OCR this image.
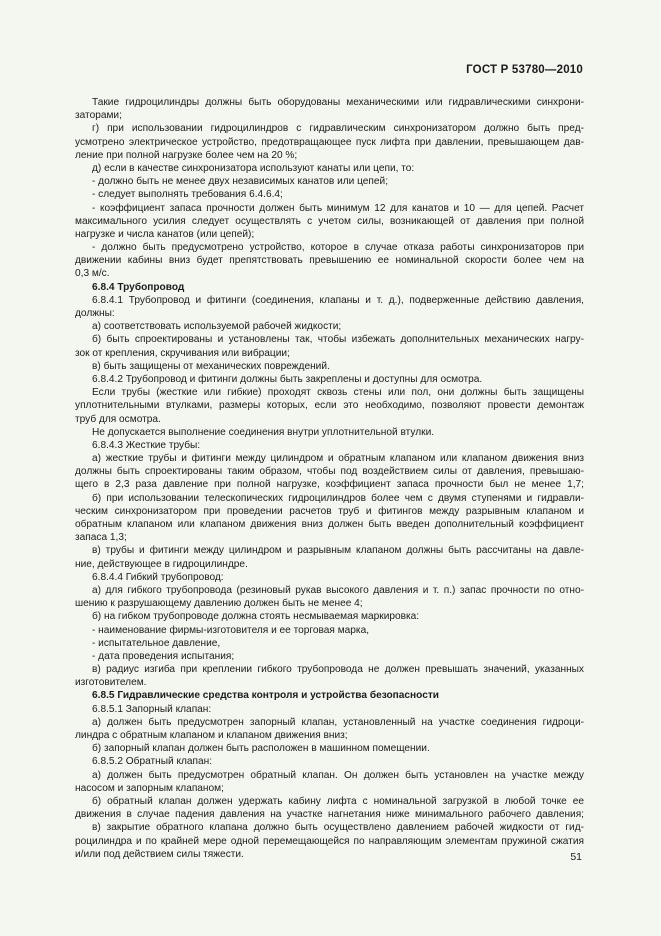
ГОСТ Р 53780—2010
Такие гидроцилиндры должны быть оборудованы механическими или гидравлическими синхрони-
заторами;
г) при использовании гидроцилиндров с гидравлическим синхронизатором должно быть пред-
усмотрено электрическое устройство, предотвращающее пуск лифта при давлении, превышающем дав-
ление при полной нагрузке более чем на 20 %;
д) если в качестве синхронизатора используют канаты или цепи, то:
- должно быть не менее двух независимых канатов или цепей;
- следует выполнять требования 6.4.6.4;
- коэффициент запаса прочности должен быть минимум 12 для канатов и 10 — для цепей. Расчет
максимального усилия следует осуществлять с учетом силы, возникающей от давления при полной
нагрузке и числа канатов (или цепей);
- должно быть предусмотрено устройство, которое в случае отказа работы синхронизаторов при
движении кабины вниз будет препятствовать превышению ее номинальной скорости более чем на
0,3 м/с.
6.8.4 Трубопровод
6.8.4.1 Трубопровод и фитинги (соединения, клапаны и т. д.), подверженные действию давления,
должны:
а) соответствовать используемой рабочей жидкости;
б) быть спроектированы и установлены так, чтобы избежать дополнительных механических нагру-
зок от крепления, скручивания или вибрации;
в) быть защищены от механических повреждений.
6.8.4.2 Трубопровод и фитинги должны быть закреплены и доступны для осмотра.
Если трубы (жесткие или гибкие) проходят сквозь стены или пол, они должны быть защищены
уплотнительными втулками, размеры которых, если это необходимо, позволяют провести демонтаж
труб для осмотра.
Не допускается выполнение соединения внутри уплотнительной втулки.
6.8.4.3 Жесткие трубы:
а) жесткие трубы и фитинги между цилиндром и обратным клапаном или клапаном движения вниз
должны быть спроектированы таким образом, чтобы под воздействием силы от давления, превышаю-
щего в 2,3 раза давление при полной нагрузке, коэффициент запаса прочности был не менее 1,7;
б) при использовании телескопических гидроцилиндров более чем с двумя ступенями и гидравли-
ческим синхронизатором при проведении расчетов труб и фитингов между разрывным клапаном и
обратным клапаном или клапаном движения вниз должен быть введен дополнительный коэффициент
запаса 1,3;
в) трубы и фитинги между цилиндром и разрывным клапаном должны быть рассчитаны на давле-
ние, действующее в гидроцилиндре.
6.8.4.4 Гибкий трубопровод:
а) для гибкого трубопровода (резиновый рукав высокого давления и т. п.) запас прочности по отно-
шению к разрушающему давлению должен быть не менее 4;
б) на гибком трубопроводе должна стоять несмываемая маркировка:
- наименование фирмы-изготовителя и ее торговая марка,
- испытательное давление,
- дата проведения испытания;
в) радиус изгиба при креплении гибкого трубопровода не должен превышать значений, указанных
изготовителем.
6.8.5 Гидравлические средства контроля и устройства безопасности
6.8.5.1 Запорный клапан:
а) должен быть предусмотрен запорный клапан, установленный на участке соединения гидроци-
линдра с обратным клапаном и клапаном движения вниз;
б) запорный клапан должен быть расположен в машинном помещении.
6.8.5.2 Обратный клапан:
а) должен быть предусмотрен обратный клапан. Он должен быть установлен на участке между
насосом и запорным клапаном;
б) обратный клапан должен удержать кабину лифта с номинальной загрузкой в любой точке ее
движения в случае падения давления на участке нагнетания ниже минимального рабочего давления;
в) закрытие обратного клапана должно быть осуществлено давлением рабочей жидкости от гид-
роцилиндра и по крайней мере одной перемещающейся по направляющим элементам пружиной сжатия
и/или под действием силы тяжести.	51
